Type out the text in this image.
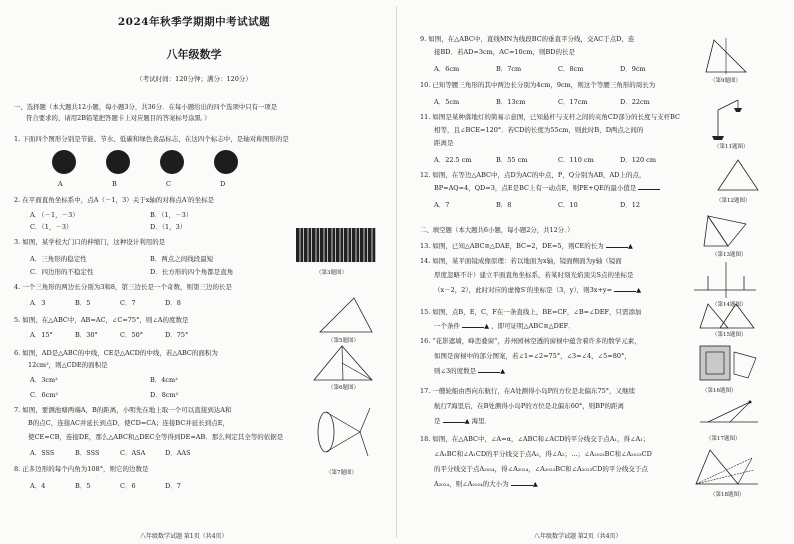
2024年秋季学期期中考试试题
八年级数学
（考试时间：120分钟；满分：120分）
一、选择题（本大题共12小题，每小题3分，共36分．在每小题给出的四个选项中只有一项是
符合要求的，请用2B铅笔把答题卡上对应题目的答案标号涂黑．）
1. 下面四个图形分别是节能、节水、低碳和绿色食品标志，在这四个标志中，是轴对称图形的是
A	B	C	D
2. 在平面直角坐标系中，点A（－1，3）关于x轴的对称点A′的坐标是
A．（－1，－3）	B．（1，－3）
C．（1，－3）	D．（1，3）
3. 如图，某学校大门口的伸缩门，这种设计利用的是
A．三角形的稳定性	B．两点之间线段最短
C．四边形的不稳定性	D．长方形的四个角都是直角	（第3题图）
4. 一个三角形的两边长分别为3和8，第三边长是一个奇数，则第三边的长是
A．3	B．5	C．7	D．8
5. 如图，在△ABC中，AB=AC，∠C=75°，则∠A的度数是
A．15°	B．30°	C．50°	D．75°
（第5题图）
6. 如图，AD是△ABC的中线，CE是△ACD的中线，若△ABC的面积为
12cm²，则△CDE的面积是
A．3cm²	B．4cm²
C．6cm²	D．8cm²
（第6题图）
7. 如图，要测池塘两端A，B的距离，小明先在地上取一个可以直接到达A和
B的点C，连接AC并延长到点D，使CD=CA；连接BC并延长到点E，
使CE=CB，连接DE，那么△ABC和△DEC全等得到DE=AB．那么判定其全等的依据是
A．SSS	B．SSS	C．ASA	D．AAS
（第7题图）
8. 正多边形的每个内角为108°，则它的边数是
A．4	B．5	C．6	D．7
八年级数学试题 第1页（共4页）
9. 如图，在△ABC中，直线MN为线段BC的垂直平分线，交AC于点D，连
接BD．若AD=3cm，AC=10cm，则BD的长是
A．6cm	B．7cm	C．8cm	D．9cm
（第9题图）
10. 已知等腰三角形的其中两边长分别为4cm，9cm，则这个等腰三角形的周长为
A．5cm	B．13cm	C．17cm	D．22cm
11. 如图是某种落地灯的简易示意图，已知悬杆与支杆之间的夹角CD部分的长度与支杆BC
相等，且∠BCE=120°．若CD的长度为55cm，则此时B，D两点之间的
距离是
A．22.5 cm	B．55 cm	C．110 cm	D．120 cm
（第11题图）
12. 如图，在等边△ABC中，点D为AC的中点，P，Q分别为AB，AD上的点，
BP=AQ=4，QD=3，点E是BC上有一动点E，则PE+QE的最小值是
A．7	B．8	C．10	D．12	（第12题图）
二、填空题（本大题共6小题，每小题2分，共12分．）
13. 如图，已知△ABC≌△DAE，BC=2，DE=5，则CE的长为	▲
（第13题图）
14. 如图，某平面镜成像原理：若以地面为x轴，镜面侧面为y轴（镜面
厚度忽略不计）建立平面直角坐标系，若某时刻光焰顶尖S点的坐标是
（x－2，2），此时对应的虚像S′的坐标是（3，y），则3x+y=	▲
（第14题图）
15. 如图，点B，E，C，F在一条直线上，BE=CF，∠B=∠DEF，只需添加
一个条件	▲ ，即可证明△ABC≌△DEF．
（第15题图）
16. “花影遮墙，峰峦叠窗”，苏州园林空透的窗棂中蕴含着许多的数学元素，
如图是窗棂中的部分图案，若∠1=∠2=75°，∠3=∠4，∠5=80°，
则∠3的度数是	▲
（第16题图）
17. 一艘轮船由西向东航行，在A处测得小岛P的方位是北偏东75°，又继续
航行7海里后，在B处测得小岛P的方位是北偏东60°，则BP的距离
是	▲ 海里．
（第17题图）
18. 如图，在△ABC中，∠A=α，∠ABC和∠ACD的平分线交于点A₁，得∠A₁；
∠A₁BC和∠A₁CD的平分线交于点A₂，得∠A₂；…；∠A₂₀₂₃BC和∠A₂₀₂₃CD
的平分线交于点A₂₀₂₄，得∠A₂₀₂₄，∠A₂₀₂₃BC和∠A₂₀₂₃CD的平分线交于点
A₂₀₂₄，则∠A₂₀₂₄的大小为	▲
（第18题图）
八年级数学试题 第2页（共4页）
